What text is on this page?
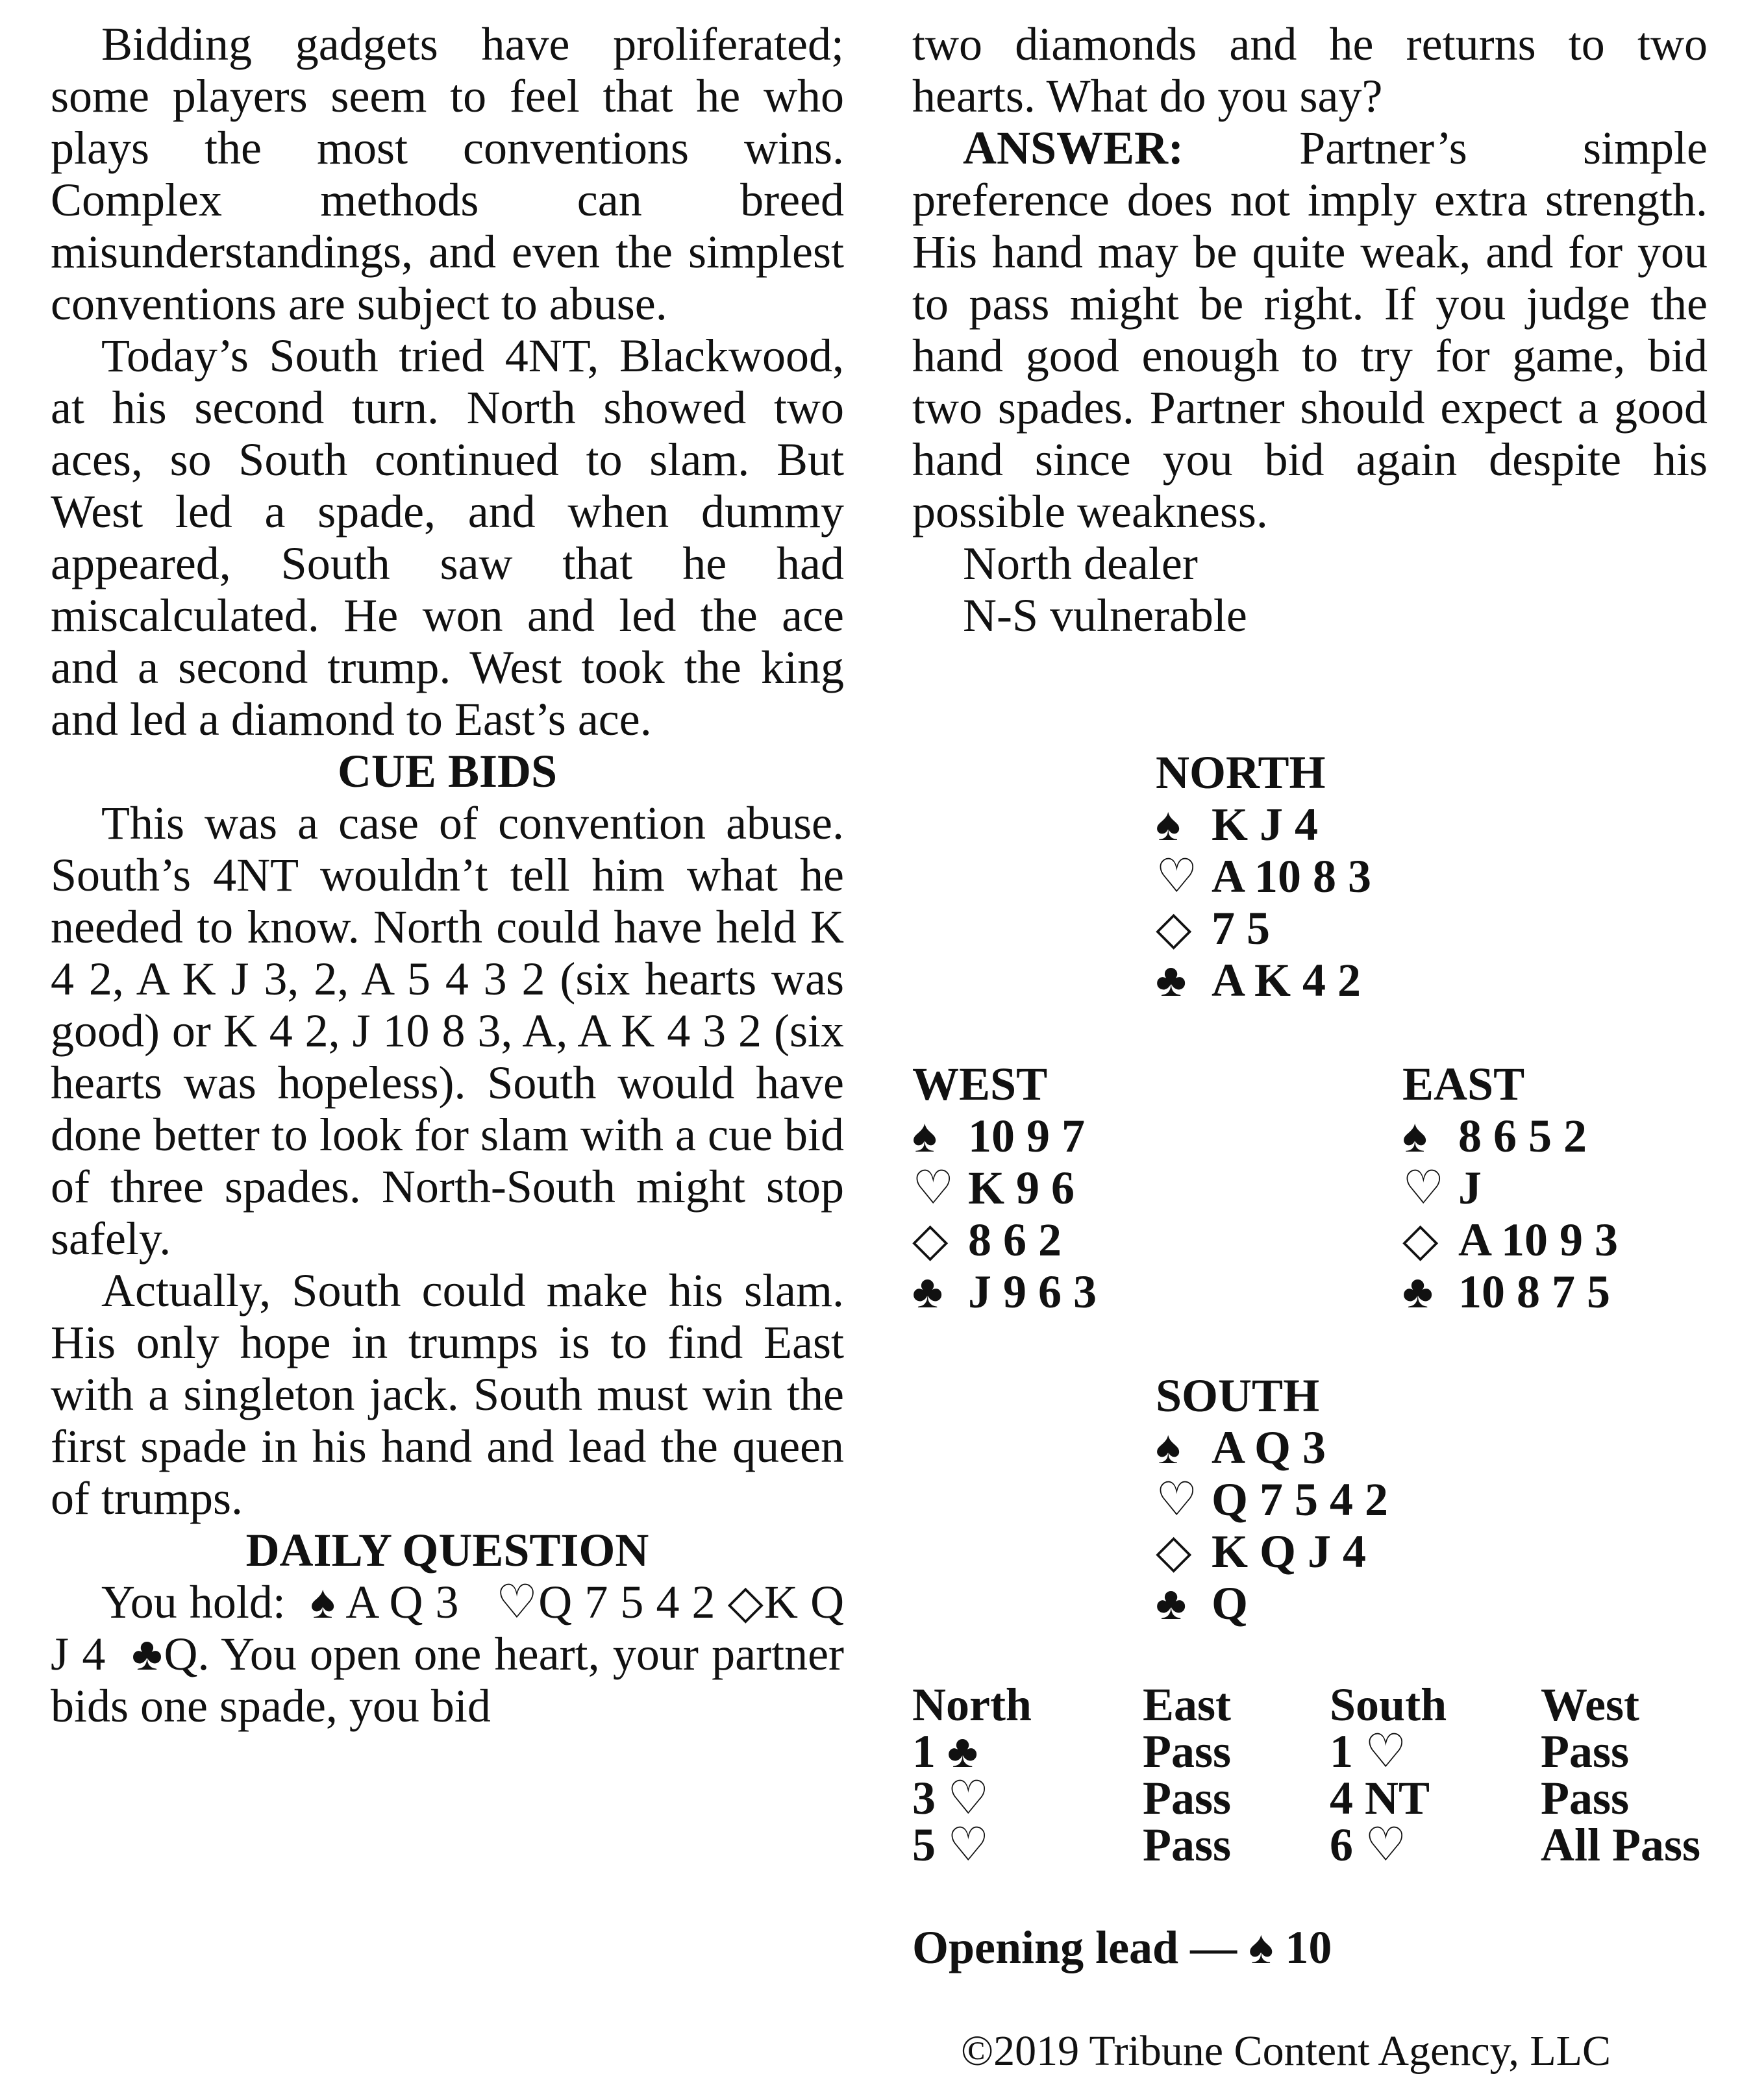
Bidding gadgets have proliferated; some players seem to feel that he who plays the most conventions wins. Complex methods can breed misunderstandings, and even the simplest conventions are subject to abuse.

Today’s South tried 4NT, Blackwood, at his second turn. North showed two aces, so South continued to slam. But West led a spade, and when dummy appeared, South saw that he had miscalculated. He won and led the ace and a second trump. West took the king and led a diamond to East’s ace.

CUE BIDS

This was a case of convention abuse. South’s 4NT wouldn’t tell him what he needed to know. North could have held K 4 2, A K J 3, 2, A 5 4 3 2 (six hearts was good) or K 4 2, J 10 8 3, A, A K 4 3 2 (six hearts was hopeless). South would have done better to look for slam with a cue bid of three spades. North-South might stop safely.

Actually, South could make his slam. His only hope in trumps is to find East with a singleton jack. South must win the first spade in his hand and lead the queen of trumps.

DAILY QUESTION

You hold: ♠ A Q 3 ♡Q 7 5 4 2 ◇K Q J 4 ♣Q. You open one heart, your partner bids one spade, you bid

two diamonds and he returns to two hearts. What do you say?

ANSWER: Partner’s simple preference does not imply extra strength. His hand may be quite weak, and for you to pass might be right. If you judge the hand good enough to try for game, bid two spades. Partner should expect a good hand since you bid again despite his possible weakness.

North dealer

N-S vulnerable

NORTH
♠ K J 4
♡ A 10 8 3
◇ 7 5
♣ A K 4 2
WEST
♠ 10 9 7
♡ K 9 6
◇ 8 6 2
♣ J 9 6 3
EAST
♠ 8 6 5 2
♡ J
◇ A 10 9 3
♣ 10 8 7 5
SOUTH
♠ A Q 3
♡ Q 7 5 4 2
◇ K Q J 4
♣ Q
North East South West
1 ♣	Pass 1 ♡	Pass
3 ♡	Pass 4 NT Pass
5 ♡	Pass 6 ♡	All Pass
Opening lead — ♠ 10
©2019 Tribune Content Agency, LLC
